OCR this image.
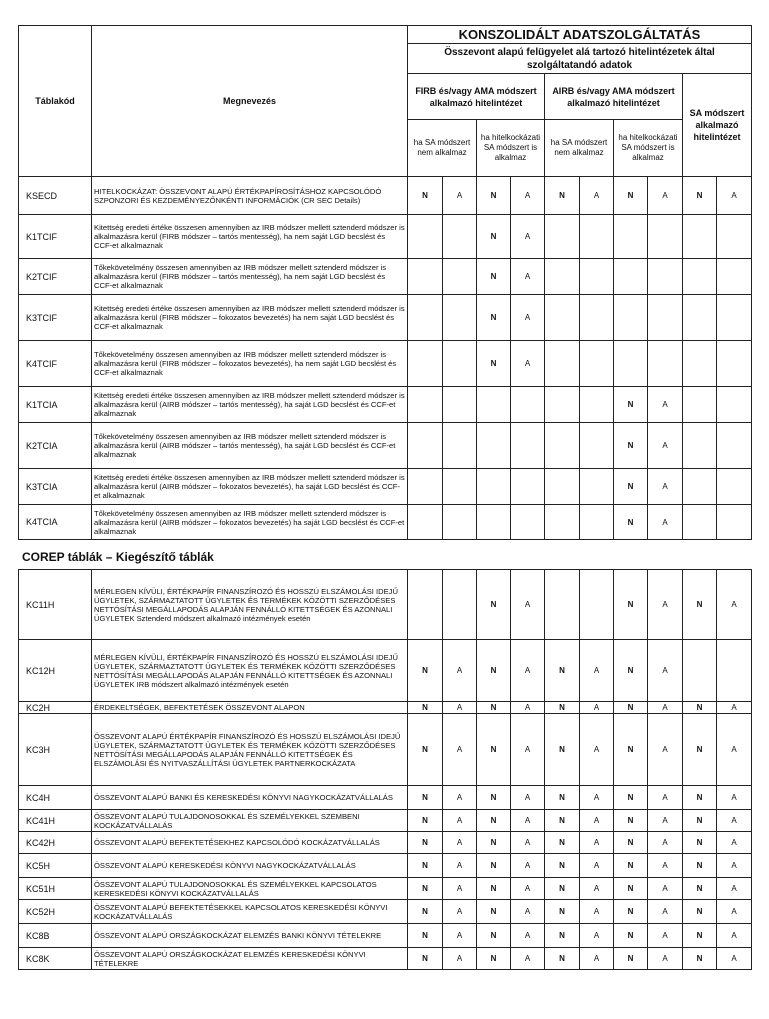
Táblakód	Megnevezés	KONSZOLIDÁLT ADATSZOLGÁLTATÁS									
		Összevont alapú felügyelet alá tartozó hitelintézetek által szolgáltatandó adatok									
		FIRB és/vagy AMA módszert alkalmazó hitelintézet				AIRB és/vagy AMA módszert alkalmazó hitelintézet				SA módszert alkalmazó hitelintézet	
		ha SA módszert nem alkalmaz		ha hitelkockázati SA módszert is alkalmaz		ha SA módszert nem alkalmaz		ha hitelkockázati SA módszert is alkalmaz			
KSECD	HITELKOCKÁZAT: ÖSSZEVONT ALAPÚ ÉRTÉKPAPÍROSÍTÁSHOZ KAPCSOLÓDÓ SZPONZORI ÉS KEZDEMÉNYEZŐNKÉNTI INFORMÁCIÓK (CR SEC Details)	N	A	N	A	N	A	N	A	N	A
K1TCIF	Kitettség eredeti értéke összesen amennyiben az IRB módszer mellett sztenderd módszer is alkalmazásra kerül (FIRB módszer – tartós mentesség), ha nem saját LGD becslést és CCF-et alkalmaznak			N	A						
K2TCIF	Tőkekövetelmény összesen amennyiben az IRB módszer mellett sztenderd módszer is alkalmazásra kerül (FIRB módszer – tartós mentesség), ha nem saját LGD becslést és CCF-et alkalmaznak			N	A						
K3TCIF	Kitettség eredeti értéke összesen amennyiben az IRB módszer mellett sztenderd módszer is alkalmazásra kerül (FIRB módszer – fokozatos bevezetés) ha nem saját LGD becslést és CCF-et alkalmaznak			N	A						
K4TCIF	Tőkekövetelmény összesen amennyiben az IRB módszer mellett sztenderd módszer is alkalmazásra kerül (FIRB módszer – fokozatos bevezetés), ha nem saját LGD becslést és CCF-et alkalmaznak			N	A						
K1TCIA	Kitettség eredeti értéke összesen amennyiben az IRB módszer mellett sztenderd módszer is alkalmazásra kerül (AIRB módszer – tartós mentesség), ha saját LGD becslést és CCF-et alkalmaznak							N	A		
K2TCIA	Tőkekövetelmény összesen amennyiben az IRB módszer mellett sztenderd módszer is alkalmazásra kerül (AIRB módszer – tartós mentesség), ha saját LGD becslést és CCF-et alkalmaznak							N	A		
K3TCIA	Kitettség eredeti értéke összesen amennyiben az IRB módszer mellett sztenderd módszer is alkalmazásra kerül (AIRB módszer – fokozatos bevezetés), ha saját LGD becslést és CCF-et alkalmaznak							N	A		
K4TCIA	Tőkekövetelmény összesen amennyiben az IRB módszer mellett sztenderd módszer is alkalmazásra kerül (AIRB módszer – fokozatos bevezetés) ha saját LGD becslést és CCF-et alkalmaznak							N	A		
COREP táblák – Kiegészítő táblák
KC11H	MÉRLEGEN KÍVÜLI, ÉRTÉKPAPÍR FINANSZÍROZÓ ÉS HOSSZÚ ELSZÁMOLÁSI IDEJŰ ÜGYLETEK, SZÁRMAZTATOTT ÜGYLETEK ÉS TERMÉKEK KÖZÖTTI SZERZŐDÉSES NETTÓSÍTÁSI MEGÁLLAPODÁS ALAPJÁN FENNÁLLÓ KITETTSÉGEK ÉS AZONNALI ÜGYLETEK Sztenderd módszert alkalmazó intézmények esetén			N	A			N	A	N	A
KC12H	MÉRLEGEN KÍVÜLI, ÉRTÉKPAPÍR FINANSZÍROZÓ ÉS HOSSZÚ ELSZÁMOLÁSI IDEJŰ ÜGYLETEK, SZÁRMAZTATOTT ÜGYLETEK ÉS TERMÉKEK KÖZÖTTI SZERZŐDÉSES NETTÓSÍTÁSI MEGÁLLAPODÁS ALAPJÁN FENNÁLLÓ KITETTSÉGEK ÉS AZONNALI ÜGYLETEK IRB módszert alkalmazó intézmények esetén	N	A	N	A	N	A	N	A		
KC2H	ÉRDEKELTSÉGEK, BEFEKTETÉSEK ÖSSZEVONT ALAPON	N	A	N	A	N	A	N	A	N	A
KC3H	ÖSSZEVONT ALAPÚ ÉRTÉKPAPÍR FINANSZÍROZÓ ÉS HOSSZÚ ELSZÁMOLÁSI IDEJŰ ÜGYLETEK, SZÁRMAZTATOTT ÜGYLETEK ÉS TERMÉKEK KÖZÖTTI SZERZŐDÉSES NETTÓSÍTÁSI MEGÁLLAPODÁS ALAPJÁN FENNÁLLÓ KITETTSÉGEK ÉS ELSZÁMOLÁSI ÉS NYITVASZÁLLÍTÁSI ÜGYLETEK PARTNERKOCKÁZATA	N	A	N	A	N	A	N	A	N	A
KC4H	ÖSSZEVONT ALAPÚ BANKI ÉS KERESKEDÉSI KÖNYVI NAGYKOCKÁZATVÁLLALÁS	N	A	N	A	N	A	N	A	N	A
KC41H	ÖSSZEVONT ALAPÚ TULAJDONOSOKKAL ÉS SZEMÉLYEKKEL SZEMBENI KOCKÁZATVÁLLALÁS	N	A	N	A	N	A	N	A	N	A
KC42H	ÖSSZEVONT ALAPÚ BEFEKTETÉSEKHEZ KAPCSOLÓDÓ KOCKÁZATVÁLLALÁS	N	A	N	A	N	A	N	A	N	A
KC5H	ÖSSZEVONT ALAPÚ KERESKEDÉSI KÖNYVI NAGYKOCKÁZATVÁLLALÁS	N	A	N	A	N	A	N	A	N	A
KC51H	ÖSSZEVONT ALAPÚ TULAJDONOSOKKAL ÉS SZEMÉLYEKKEL KAPCSOLATOS KERESKEDÉSI KÖNYVI KOCKÁZATVÁLLALÁS	N	A	N	A	N	A	N	A	N	A
KC52H	ÖSSZEVONT ALAPÚ BEFEKTETÉSEKKEL KAPCSOLATOS KERESKEDÉSI KÖNYVI KOCKÁZATVÁLLALÁS	N	A	N	A	N	A	N	A	N	A
KC8B	ÖSSZEVONT ALAPÚ ORSZÁGKOCKÁZAT ELEMZÉS BANKI KÖNYVI TÉTELEKRE	N	A	N	A	N	A	N	A	N	A
KC8K	ÖSSZEVONT ALAPÚ ORSZÁGKOCKÁZAT ELEMZÉS KERESKEDÉSI KÖNYVI TÉTELEKRE	N	A	N	A	N	A	N	A	N	A
